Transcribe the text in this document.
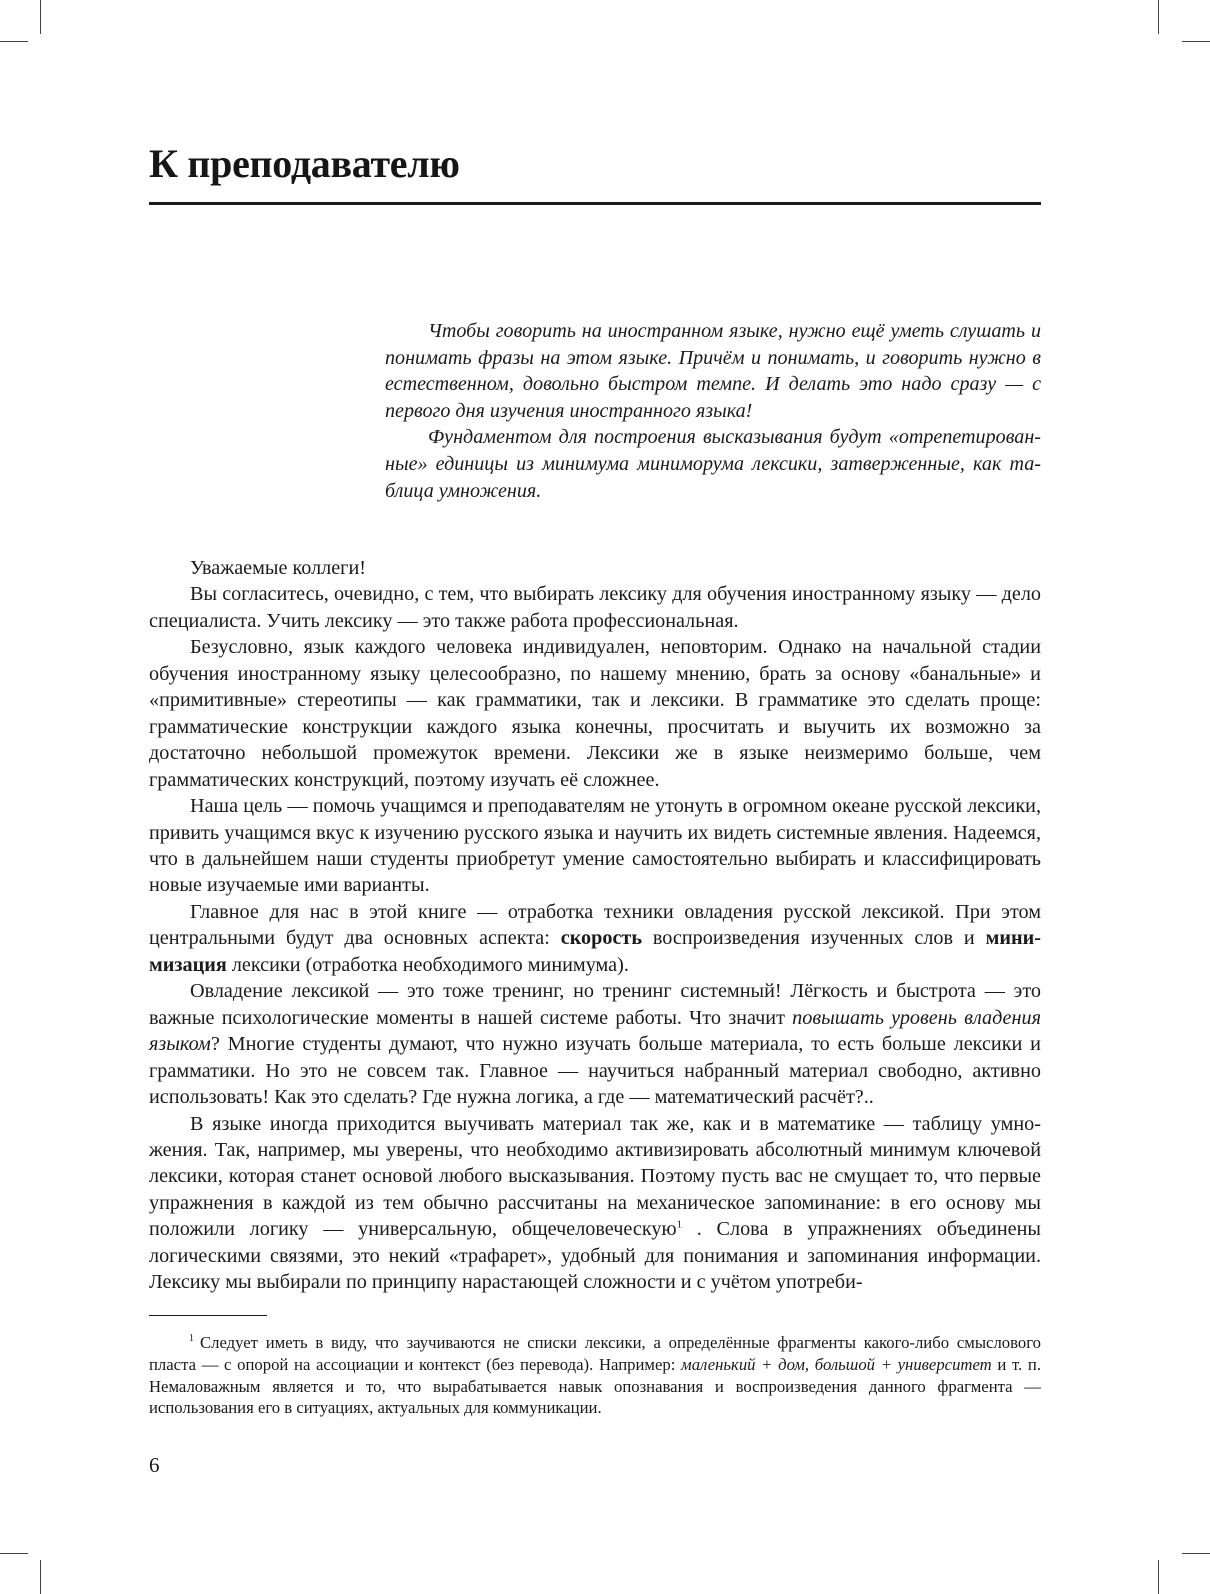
К преподавателю

Чтобы говорить на иностранном языке, нужно ещё уметь слушать и понимать фразы на этом языке. Причём и понимать, и говорить нужно в естественном, довольно быстром темпе. И делать это надо сразу — с первого дня изучения иностранного языка!

Фундаментом для построения высказывания будут «отрепетированные» единицы из минимума миниморума лексики, затверженные, как таблица умножения.

Уважаемые коллеги!

Вы согласитесь, очевидно, с тем, что выбирать лексику для обучения иностранному языку — дело специалиста. Учить лексику — это также работа профессиональная.

Безусловно, язык каждого человека индивидуален, неповторим. Однако на начальной стадии обучения иностранному языку целесообразно, по нашему мнению, брать за основу «банальные» и «примитивные» стереотипы — как грамматики, так и лексики. В грамматике это сделать проще: грамматические конструкции каждого языка конечны, просчитать и выучить их возможно за достаточно небольшой промежуток времени. Лексики же в языке неизмеримо больше, чем грамматических конструкций, поэтому изучать её сложнее.

Наша цель — помочь учащимся и преподавателям не утонуть в огромном океане русской лексики, привить учащимся вкус к изучению русского языка и научить их видеть системные явления. Надеемся, что в дальнейшем наши студенты приобретут умение самостоятельно выбирать и классифицировать новые изучаемые ими варианты.

Главное для нас в этой книге — отработка техники овладения русской лексикой. При этом центральными будут два основных аспекта: скорость воспроизведения изученных слов и минимизация лексики (отработка необходимого минимума).

Овладение лексикой — это тоже тренинг, но тренинг системный! Лёгкость и быстрота — это важные психологические моменты в нашей системе работы. Что значит повышать уровень владения языком? Многие студенты думают, что нужно изучать больше материала, то есть больше лексики и грамматики. Но это не совсем так. Главное — научиться набранный материал свободно, активно использовать! Как это сделать? Где нужна логика, а где — математический расчёт?..

В языке иногда приходится выучивать материал так же, как и в математике — таблицу умножения. Так, например, мы уверены, что необходимо активизировать абсолютный минимум ключевой лексики, которая станет основой любого высказывания. Поэтому пусть вас не смущает то, что первые упражнения в каждой из тем обычно рассчитаны на механическое запоминание: в его основу мы положили логику — универсальную, общечеловеческую$^1$ . Слова в упражнениях объединены логическими связями, это некий «трафарет», удобный для понимания и запоминания информации. Лексику мы выбирали по принципу нарастающей сложности и с учётом употреби-

$^1$ Следует иметь в виду, что заучиваются не списки лексики, а определённые фрагменты какого-либо смыслового пласта — с опорой на ассоциации и контекст (без перевода). Например: маленький + дом, большой + университет и т. п. Немаловажным является и то, что вырабатывается навык опознавания и воспроизведения данного фрагмента — использования его в ситуациях, актуальных для коммуникации.

6
